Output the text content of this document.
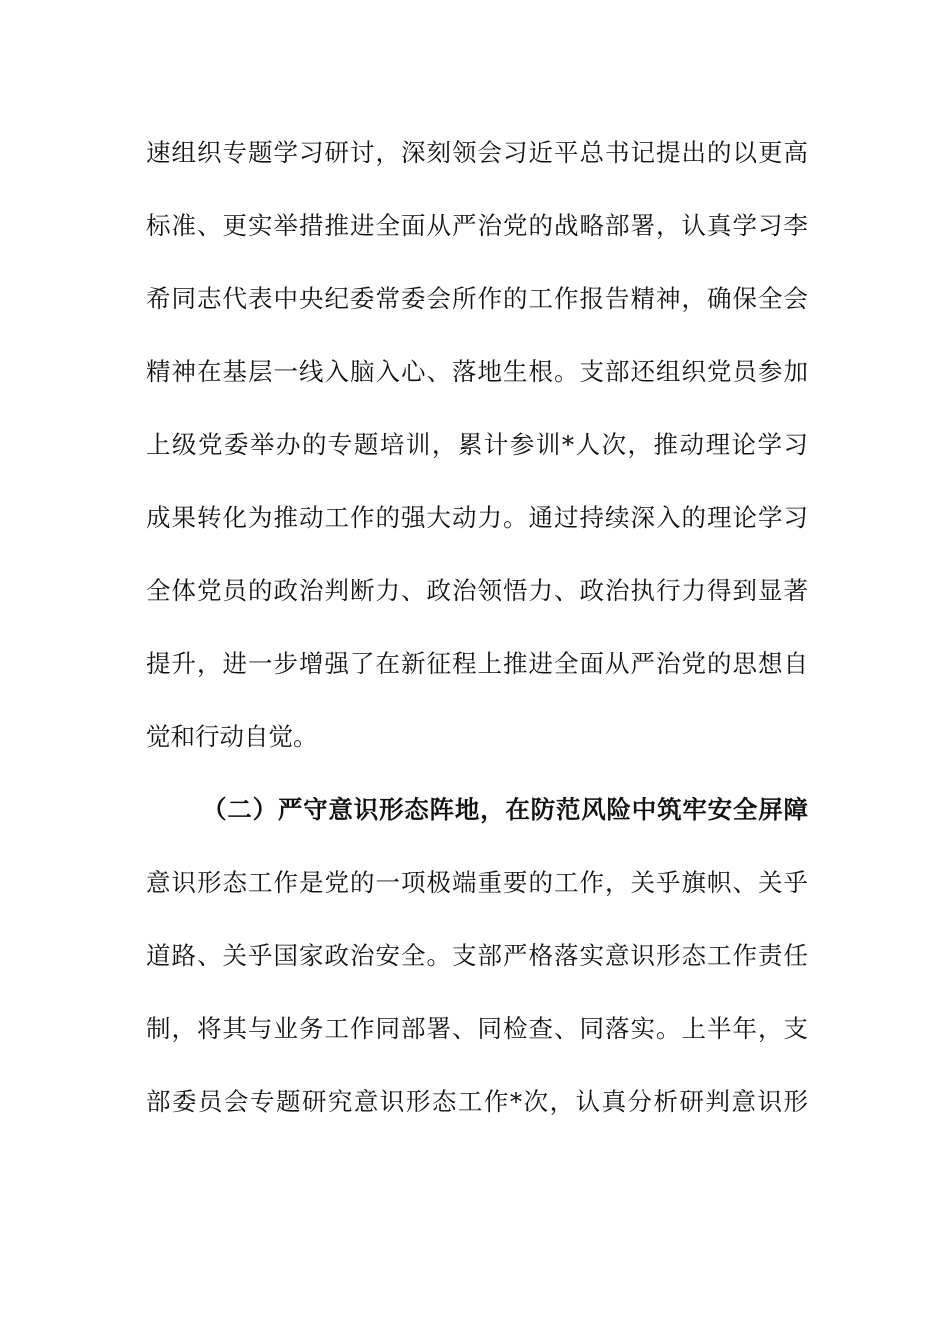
速组织专题学习研讨，深刻领会习近平总书记提出的以更高
标准、更实举措推进全面从严治党的战略部署，认真学习李
希同志代表中央纪委常委会所作的工作报告精神，确保全会
精神在基层一线入脑入心、落地生根。支部还组织党员参加
上级党委举办的专题培训，累计参训*人次，推动理论学习
成果转化为推动工作的强大动力。通过持续深入的理论学习
全体党员的政治判断力、政治领悟力、政治执行力得到显著
提升，进一步增强了在新征程上推进全面从严治党的思想自
觉和行动自觉。
（二）严守意识形态阵地，在防范风险中筑牢安全屏障
意识形态工作是党的一项极端重要的工作，关乎旗帜、关乎
道路、关乎国家政治安全。支部严格落实意识形态工作责任
制，将其与业务工作同部署、同检查、同落实。上半年，支
部委员会专题研究意识形态工作*次，认真分析研判意识形
